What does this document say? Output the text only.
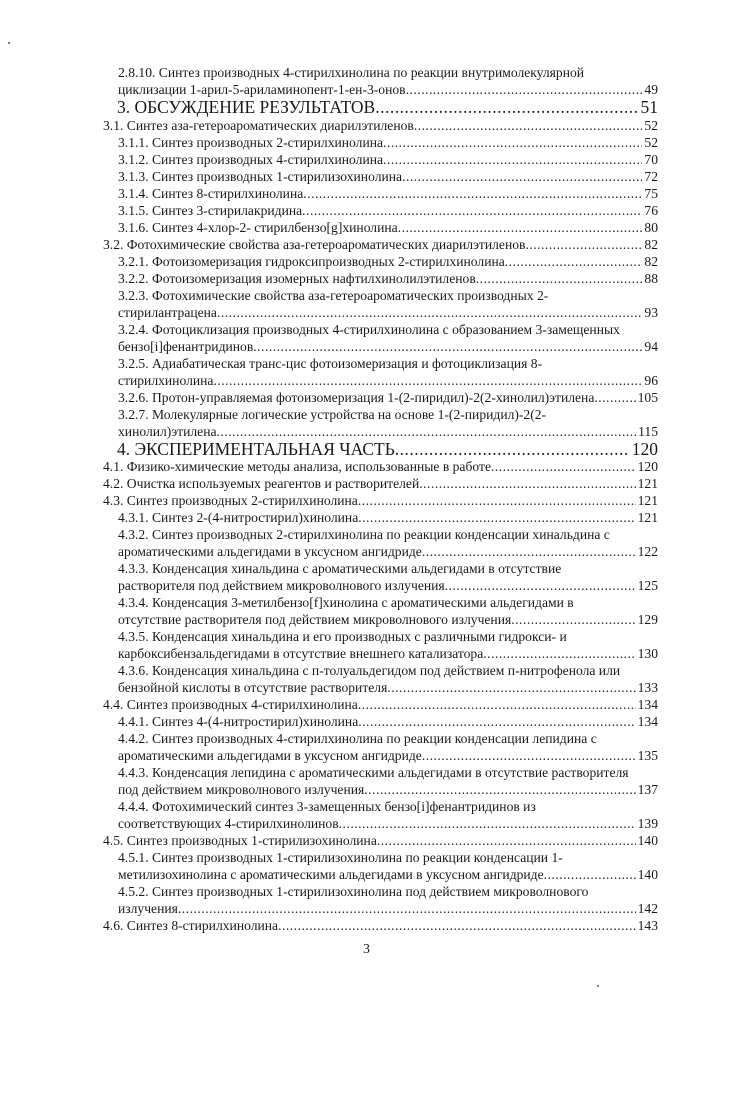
2.8.10. Синтез производных 4-стирилхинолина по реакции внутримолекулярной
циклизации 1-арил-5-ариламинопент-1-ен-3-онов .....	49
3. ОБСУЖДЕНИЕ РЕЗУЛЬТАТОВ .....	51
3.1. Синтез аза-гетероароматических диарилэтиленов .....	52
3.1.1. Синтез производных 2-стирилхинолина .....	52
3.1.2. Синтез производных 4-стирилхинолина .....	70
3.1.3. Синтез производных 1-стирилизохинолина .....	72
3.1.4. Синтез 8-стирилхинолина .....	75
3.1.5. Синтез 3-стирилакридина .....	76
3.1.6. Синтез 4-хлор-2- стирилбензо[g]хинолина .....	80
3.2. Фотохимические свойства аза-гетероароматических диарилэтиленов .....	82
3.2.1. Фотоизомеризация гидроксипроизводных 2-стирилхинолина .....	82
3.2.2. Фотоизомеризация изомерных нафтилхинолилэтиленов .....	88
3.2.3. Фотохимические свойства аза-гетероароматических производных 2-
стирилантрацена .....	93
3.2.4. Фотоциклизация производных 4-стирилхинолина с образованием 3-замещенных
бензо[i]фенантридинов .....	94
3.2.5. Адиабатическая транс-цис фотоизомеризация и фотоциклизация 8-
стирилхинолина .....	96
3.2.6. Протон-управляемая фотоизомеризация 1-(2-пиридил)-2(2-хинолил)этилена .....	105
3.2.7. Молекулярные логические устройства на основе 1-(2-пиридил)-2(2-
хинолил)этилена .....	115
4. ЭКСПЕРИМЕНТАЛЬНАЯ ЧАСТЬ .....	120
4.1. Физико-химические методы анализа, использованные в работе .....	120
4.2. Очистка используемых реагентов и растворителей .....	121
4.3. Синтез производных 2-стирилхинолина .....	121
4.3.1. Синтез 2-(4-нитростирил)хинолина .....	121
4.3.2. Синтез производных 2-стирилхинолина по реакции конденсации хинальдина с
ароматическими альдегидами в уксусном ангидриде .....	122
4.3.3. Конденсация хинальдина с ароматическими альдегидами в отсутствие
растворителя под действием микроволнового излучения .....	125
4.3.4. Конденсация 3-метилбензо[f]хинолина с ароматическими альдегидами в
отсутствие растворителя под действием микроволнового излучения .....	129
4.3.5. Конденсация хинальдина и его производных с различными гидрокси- и
карбоксибензальдегидами в отсутствие внешнего катализатора .....	130
4.3.6. Конденсация хинальдина с п-толуальдегидом под действием п-нитрофенола или
бензойной кислоты в отсутствие растворителя .....	133
4.4. Синтез производных 4-стирилхинолина .....	134
4.4.1. Синтез 4-(4-нитростирил)хинолина .....	134
4.4.2. Синтез производных 4-стирилхинолина по реакции конденсации лепидина с
ароматическими альдегидами в уксусном ангидриде .....	135
4.4.3. Конденсация лепидина с ароматическими альдегидами в отсутствие растворителя
под действием микроволнового излучения .....	137
4.4.4. Фотохимический синтез 3-замещенных бензо[i]фенантридинов из
соответствующих 4-стирилхинолинов .....	139
4.5. Синтез производных 1-стирилизохинолина .....	140
4.5.1. Синтез производных 1-стирилизохинолина по реакции конденсации 1-
метилизохинолина с ароматическими альдегидами в уксусном ангидриде .....	140
4.5.2. Синтез производных 1-стирилизохинолина под действием микроволнового
излучения .....	142
4.6. Синтез 8-стирилхинолина .....	143
3
